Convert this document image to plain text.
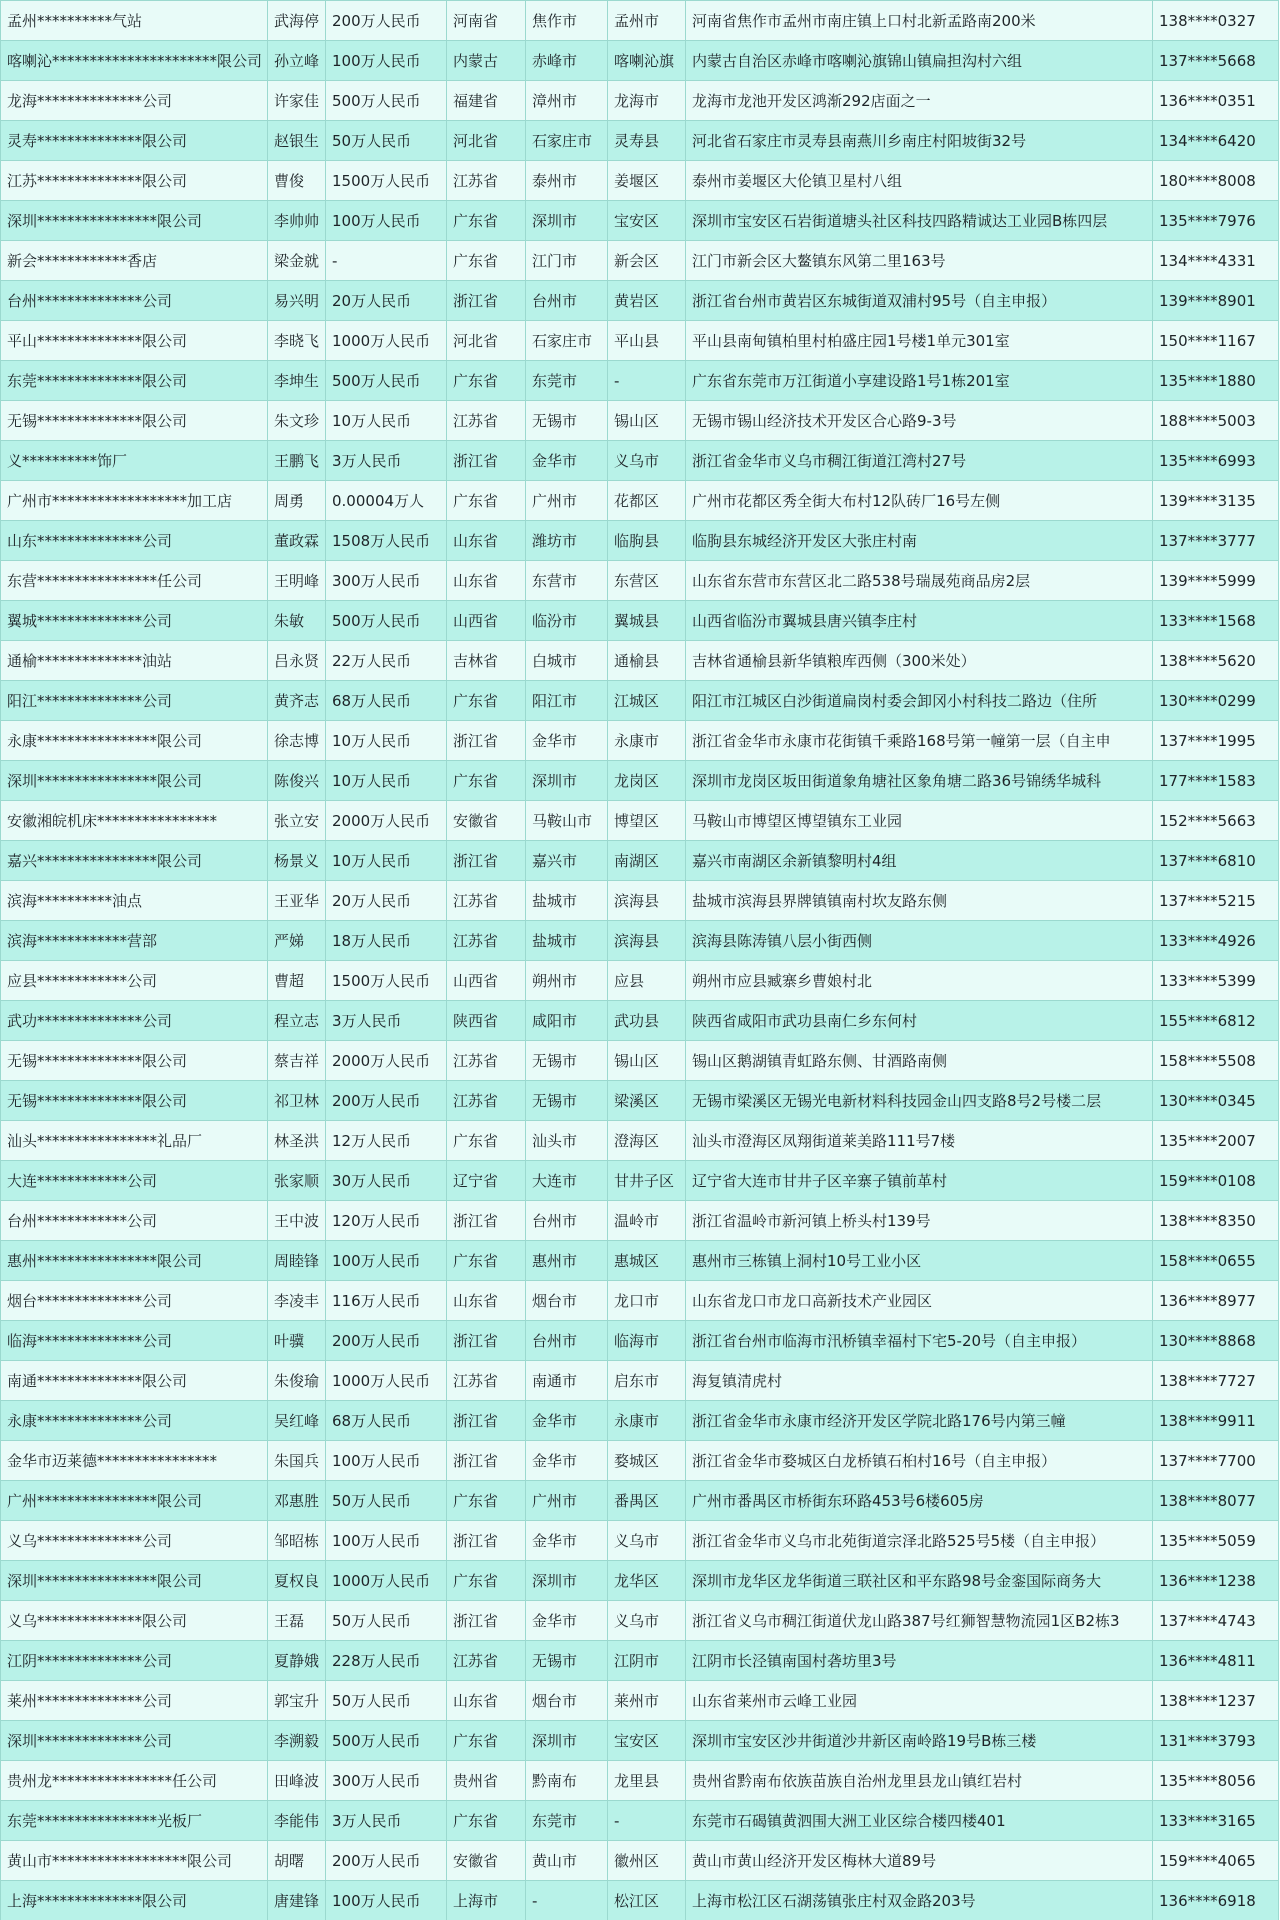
孟州**********气站	武海停	200万人民币	河南省	焦作市	孟州市	河南省焦作市孟州市南庄镇上口村北新孟路南200米	138****0327
喀喇沁**********************限公司	孙立峰	100万人民币	内蒙古	赤峰市	喀喇沁旗	内蒙古自治区赤峰市喀喇沁旗锦山镇扁担沟村六组	137****5668
龙海**************公司	许家佳	500万人民币	福建省	漳州市	龙海市	龙海市龙池开发区鸿渐292店面之一	136****0351
灵寿**************限公司	赵银生	50万人民币	河北省	石家庄市	灵寿县	河北省石家庄市灵寿县南燕川乡南庄村阳坡街32号	134****6420
江苏**************限公司	曹俊	1500万人民币	江苏省	泰州市	姜堰区	泰州市姜堰区大伦镇卫星村八组	180****8008
深圳****************限公司	李帅帅	100万人民币	广东省	深圳市	宝安区	深圳市宝安区石岩街道塘头社区科技四路精诚达工业园B栋四层	135****7976
新会************香店	梁金就	-	广东省	江门市	新会区	江门市新会区大鳌镇东风第二里163号	134****4331
台州**************公司	易兴明	20万人民币	浙江省	台州市	黄岩区	浙江省台州市黄岩区东城街道双浦村95号（自主申报）	139****8901
平山**************限公司	李晓飞	1000万人民币	河北省	石家庄市	平山县	平山县南甸镇柏里村柏盛庄园1号楼1单元301室	150****1167
东莞**************限公司	李坤生	500万人民币	广东省	东莞市	-	广东省东莞市万江街道小享建设路1号1栋201室	135****1880
无锡**************限公司	朱文珍	10万人民币	江苏省	无锡市	锡山区	无锡市锡山经济技术开发区合心路9-3号	188****5003
义**********饰厂	王鹏飞	3万人民币	浙江省	金华市	义乌市	浙江省金华市义乌市稠江街道江湾村27号	135****6993
广州市******************加工店	周勇	0.00004万人	广东省	广州市	花都区	广州市花都区秀全街大布村12队砖厂16号左侧	139****3135
山东**************公司	董政霖	1508万人民币	山东省	潍坊市	临朐县	临朐县东城经济开发区大张庄村南	137****3777
东营****************任公司	王明峰	300万人民币	山东省	东营市	东营区	山东省东营市东营区北二路538号瑞晟苑商品房2层	139****5999
翼城**************公司	朱敏	500万人民币	山西省	临汾市	翼城县	山西省临汾市翼城县唐兴镇李庄村	133****1568
通榆**************油站	吕永贤	22万人民币	吉林省	白城市	通榆县	吉林省通榆县新华镇粮库西侧（300米处）	138****5620
阳江**************公司	黄齐志	68万人民币	广东省	阳江市	江城区	阳江市江城区白沙街道扁岗村委会卸冈小村科技二路边（住所	130****0299
永康****************限公司	徐志博	10万人民币	浙江省	金华市	永康市	浙江省金华市永康市花街镇千乘路168号第一幢第一层（自主申	137****1995
深圳****************限公司	陈俊兴	10万人民币	广东省	深圳市	龙岗区	深圳市龙岗区坂田街道象角塘社区象角塘二路36号锦绣华城科	177****1583
安徽湘皖机床****************	张立安	2000万人民币	安徽省	马鞍山市	博望区	马鞍山市博望区博望镇东工业园	152****5663
嘉兴****************限公司	杨景义	10万人民币	浙江省	嘉兴市	南湖区	嘉兴市南湖区余新镇黎明村4组	137****6810
滨海**********油点	王亚华	20万人民币	江苏省	盐城市	滨海县	盐城市滨海县界牌镇镇南村坎友路东侧	137****5215
滨海************营部	严娣	18万人民币	江苏省	盐城市	滨海县	滨海县陈涛镇八层小街西侧	133****4926
应县************公司	曹超	1500万人民币	山西省	朔州市	应县	朔州市应县臧寨乡曹娘村北	133****5399
武功**************公司	程立志	3万人民币	陕西省	咸阳市	武功县	陕西省咸阳市武功县南仁乡东何村	155****6812
无锡**************限公司	蔡吉祥	2000万人民币	江苏省	无锡市	锡山区	锡山区鹅湖镇青虹路东侧、甘酒路南侧	158****5508
无锡**************限公司	祁卫林	200万人民币	江苏省	无锡市	梁溪区	无锡市梁溪区无锡光电新材料科技园金山四支路8号2号楼二层	130****0345
汕头****************礼品厂	林圣洪	12万人民币	广东省	汕头市	澄海区	汕头市澄海区凤翔街道莱美路111号7楼	135****2007
大连************公司	张家顺	30万人民币	辽宁省	大连市	甘井子区	辽宁省大连市甘井子区辛寨子镇前革村	159****0108
台州************公司	王中波	120万人民币	浙江省	台州市	温岭市	浙江省温岭市新河镇上桥头村139号	138****8350
惠州****************限公司	周睦锋	100万人民币	广东省	惠州市	惠城区	惠州市三栋镇上洞村10号工业小区	158****0655
烟台**************公司	李凌丰	116万人民币	山东省	烟台市	龙口市	山东省龙口市龙口高新技术产业园区	136****8977
临海**************公司	叶骥	200万人民币	浙江省	台州市	临海市	浙江省台州市临海市汛桥镇幸福村下宅5-20号（自主申报）	130****8868
南通**************限公司	朱俊瑜	1000万人民币	江苏省	南通市	启东市	海复镇清虎村	138****7727
永康**************公司	吴红峰	68万人民币	浙江省	金华市	永康市	浙江省金华市永康市经济开发区学院北路176号内第三幢	138****9911
金华市迈莱德****************	朱国兵	100万人民币	浙江省	金华市	婺城区	浙江省金华市婺城区白龙桥镇石桕村16号（自主申报）	137****7700
广州****************限公司	邓惠胜	50万人民币	广东省	广州市	番禺区	广州市番禺区市桥街东环路453号6楼605房	138****8077
义乌**************公司	邹昭栋	100万人民币	浙江省	金华市	义乌市	浙江省金华市义乌市北苑街道宗泽北路525号5楼（自主申报）	135****5059
深圳****************限公司	夏权良	1000万人民币	广东省	深圳市	龙华区	深圳市龙华区龙华街道三联社区和平东路98号金銮国际商务大	136****1238
义乌**************限公司	王磊	50万人民币	浙江省	金华市	义乌市	浙江省义乌市稠江街道伏龙山路387号红狮智慧物流园1区B2栋3	137****4743
江阴**************公司	夏静娥	228万人民币	江苏省	无锡市	江阴市	江阴市长泾镇南国村砻坊里3号	136****4811
莱州**************公司	郭宝升	50万人民币	山东省	烟台市	莱州市	山东省莱州市云峰工业园	138****1237
深圳**************公司	李溯毅	500万人民币	广东省	深圳市	宝安区	深圳市宝安区沙井街道沙井新区南岭路19号B栋三楼	131****3793
贵州龙****************任公司	田峰波	300万人民币	贵州省	黔南布	龙里县	贵州省黔南布依族苗族自治州龙里县龙山镇红岩村	135****8056
东莞****************光板厂	李能伟	3万人民币	广东省	东莞市	-	东莞市石碣镇黄泗围大洲工业区综合楼四楼401	133****3165
黄山市******************限公司	胡曙	200万人民币	安徽省	黄山市	徽州区	黄山市黄山经济开发区梅林大道89号	159****4065
上海**************限公司	唐建锋	100万人民币	上海市	-	松江区	上海市松江区石湖荡镇张庄村双金路203号	136****6918
